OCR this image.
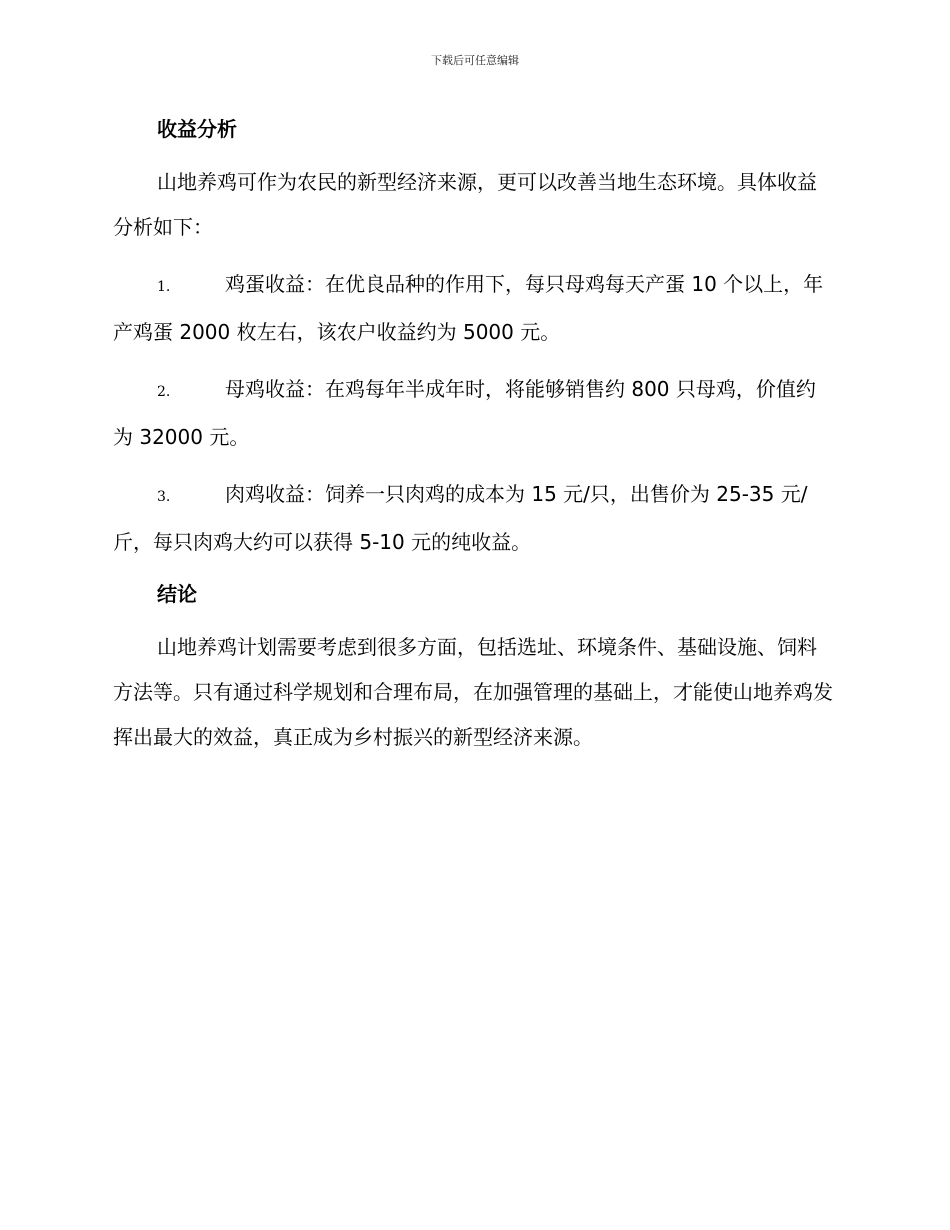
下载后可任意编辑
收益分析

山地养鸡可作为农民的新型经济来源，更可以改善当地生态环境。具体收益分析如下：

1.	鸡蛋收益：在优良品种的作用下，每只母鸡每天产蛋 10 个以上，年产鸡蛋 2000 枚左右，该农户收益约为 5000 元。

2.	母鸡收益：在鸡每年半成年时，将能够销售约 800 只母鸡，价值约为 32000 元。

3.	肉鸡收益：饲养一只肉鸡的成本为 15 元/只，出售价为 25-35 元/斤，每只肉鸡大约可以获得 5-10 元的纯收益。

结论

山地养鸡计划需要考虑到很多方面，包括选址、环境条件、基础设施、饲料方法等。只有通过科学规划和合理布局，在加强管理的基础上，才能使山地养鸡发挥出最大的效益，真正成为乡村振兴的新型经济来源。
